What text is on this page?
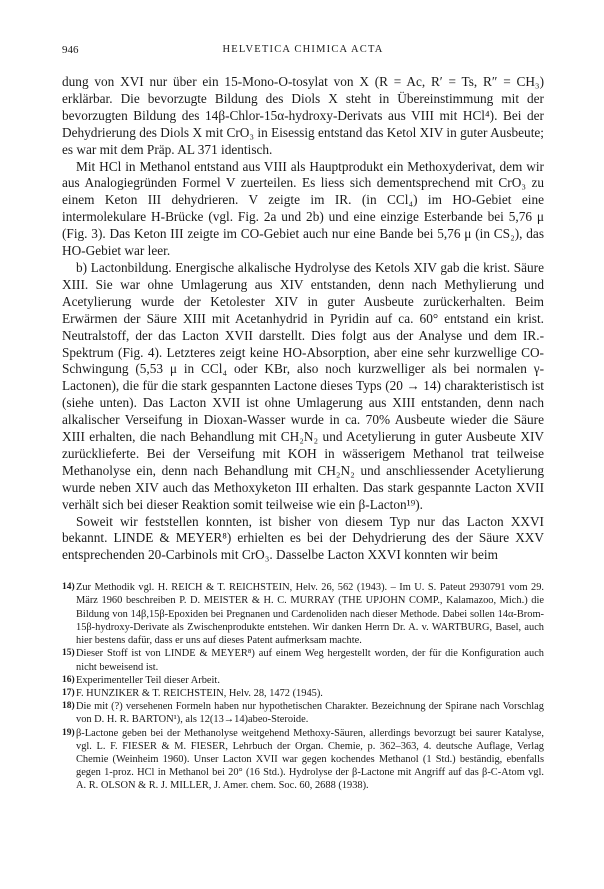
946	HELVETICA CHIMICA ACTA

dung von XVI nur über ein 15-Mono-O-tosylat von X (R = Ac, R′ = Ts, R″ = CH₃) erklärbar. Die bevorzugte Bildung des Diols X steht in Übereinstimmung mit der bevorzugten Bildung des 14β-Chlor-15α-hydroxy-Derivats aus VIII mit HCl⁴). Bei der Dehydrierung des Diols X mit CrO₃ in Eisessig entstand das Ketol XIV in guter Ausbeute; es war mit dem Präp. AL 371 identisch.

Mit HCl in Methanol entstand aus VIII als Hauptprodukt ein Methoxyderivat, dem wir aus Analogiegründen Formel V zuerteilen. Es liess sich dementsprechend mit CrO₃ zu einem Keton III dehydrieren. V zeigte im IR. (in CCl₄) im HO-Gebiet eine intermolekulare H-Brücke (vgl. Fig. 2a und 2b) und eine einzige Esterbande bei 5,76 μ (Fig. 3). Das Keton III zeigte im CO-Gebiet auch nur eine Bande bei 5,76 μ (in CS₂), das HO-Gebiet war leer.

b) Lactonbildung. Energische alkalische Hydrolyse des Ketols XIV gab die krist. Säure XIII. Sie war ohne Umlagerung aus XIV entstanden, denn nach Methylierung und Acetylierung wurde der Ketolester XIV in guter Ausbeute zurückerhalten. Beim Erwärmen der Säure XIII mit Acetanhydrid in Pyridin auf ca. 60° entstand ein krist. Neutralstoff, der das Lacton XVII darstellt. Dies folgt aus der Analyse und dem IR.-Spektrum (Fig. 4). Letzteres zeigt keine HO-Absorption, aber eine sehr kurzwellige CO-Schwingung (5,53 μ in CCl₄ oder KBr, also noch kurzwelliger als bei normalen γ-Lactonen), die für die stark gespannten Lactone dieses Typs (20 → 14) charakteristisch ist (siehe unten). Das Lacton XVII ist ohne Umlagerung aus XIII entstanden, denn nach alkalischer Verseifung in Dioxan-Wasser wurde in ca. 70% Ausbeute wieder die Säure XIII erhalten, die nach Behandlung mit CH₂N₂ und Acetylierung in guter Ausbeute XIV zurücklieferte. Bei der Verseifung mit KOH in wässerigem Methanol trat teilweise Methanolyse ein, denn nach Behandlung mit CH₂N₂ und anschliessender Acetylierung wurde neben XIV auch das Methoxyketon III erhalten. Das stark gespannte Lacton XVII verhält sich bei dieser Reaktion somit teilweise wie ein β-Lacton¹⁹).

Soweit wir feststellen konnten, ist bisher von diesem Typ nur das Lacton XXVI bekannt. LINDE & MEYER⁸) erhielten es bei der Dehydrierung des der Säure XXV entsprechenden 20-Carbinols mit CrO₃. Dasselbe Lacton XXVI konnten wir beim

14) Zur Methodik vgl. H. REICH & T. REICHSTEIN, Helv. 26, 562 (1943). – Im U. S. Pateut 2930791 vom 29. März 1960 beschreiben P. D. MEISTER & H. C. MURRAY (THE UPJOHN COMP., Kalamazoo, Mich.) die Bildung von 14β,15β-Epoxiden bei Pregnanen und Cardenoliden nach dieser Methode. Dabei sollen 14α-Brom-15β-hydroxy-Derivate als Zwischenprodukte entstehen. Wir danken Herrn Dr. A. v. WARTBURG, Basel, auch hier bestens dafür, dass er uns auf dieses Patent aufmerksam machte.
15) Dieser Stoff ist von LINDE & MEYER⁸) auf einem Weg hergestellt worden, der für die Konfiguration auch nicht beweisend ist.
16) Experimenteller Teil dieser Arbeit.
17) F. HUNZIKER & T. REICHSTEIN, Helv. 28, 1472 (1945).
18) Die mit (?) versehenen Formeln haben nur hypothetischen Charakter. Bezeichnung der Spirane nach Vorschlag von D. H. R. BARTON¹), als 12(13→14)abeo-Steroide.
19) β-Lactone geben bei der Methanolyse weitgehend Methoxy-Säuren, allerdings bevorzugt bei saurer Katalyse, vgl. L. F. FIESER & M. FIESER, Lehrbuch der Organ. Chemie, p. 362–363, 4. deutsche Auflage, Verlag Chemie (Weinheim 1960). Unser Lacton XVII war gegen kochendes Methanol (1 Std.) beständig, ebenfalls gegen 1-proz. HCl in Methanol bei 20° (16 Std.). Hydrolyse der β-Lactone mit Angriff auf das β-C-Atom vgl. A. R. OLSON & R. J. MILLER, J. Amer. chem. Soc. 60, 2688 (1938).
